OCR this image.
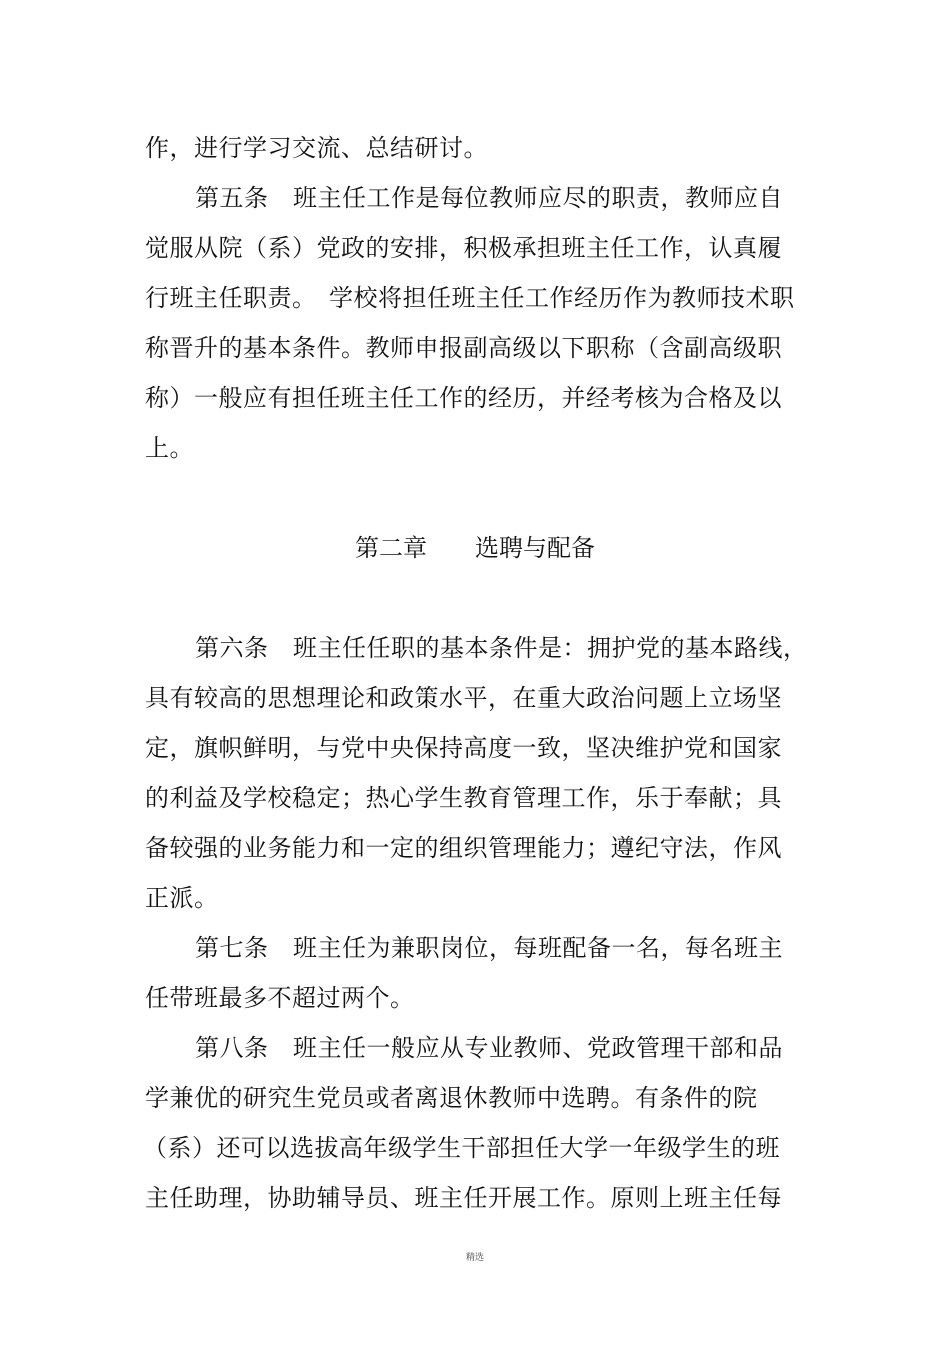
作，进行学习交流、总结研讨。
第五条　班主任工作是每位教师应尽的职责，教师应自
觉服从院（系）党政的安排，积极承担班主任工作，认真履
行班主任职责。　学校将担任班主任工作经历作为教师技术职
称晋升的基本条件。教师申报副高级以下职称（含副高级职
称）一般应有担任班主任工作的经历，并经考核为合格及以
上。
第二章　　选聘与配备
第六条　班主任任职的基本条件是：拥护党的基本路线，
具有较高的思想理论和政策水平，在重大政治问题上立场坚
定，旗帜鲜明，与党中央保持高度一致，坚决维护党和国家
的利益及学校稳定；热心学生教育管理工作，乐于奉献；具
备较强的业务能力和一定的组织管理能力；遵纪守法，作风
正派。
第七条　班主任为兼职岗位，每班配备一名，每名班主
任带班最多不超过两个。
第八条　班主任一般应从专业教师、党政管理干部和品
学兼优的研究生党员或者离退休教师中选聘。有条件的院
（系）还可以选拔高年级学生干部担任大学一年级学生的班
主任助理，协助辅导员、班主任开展工作。原则上班主任每
精选
